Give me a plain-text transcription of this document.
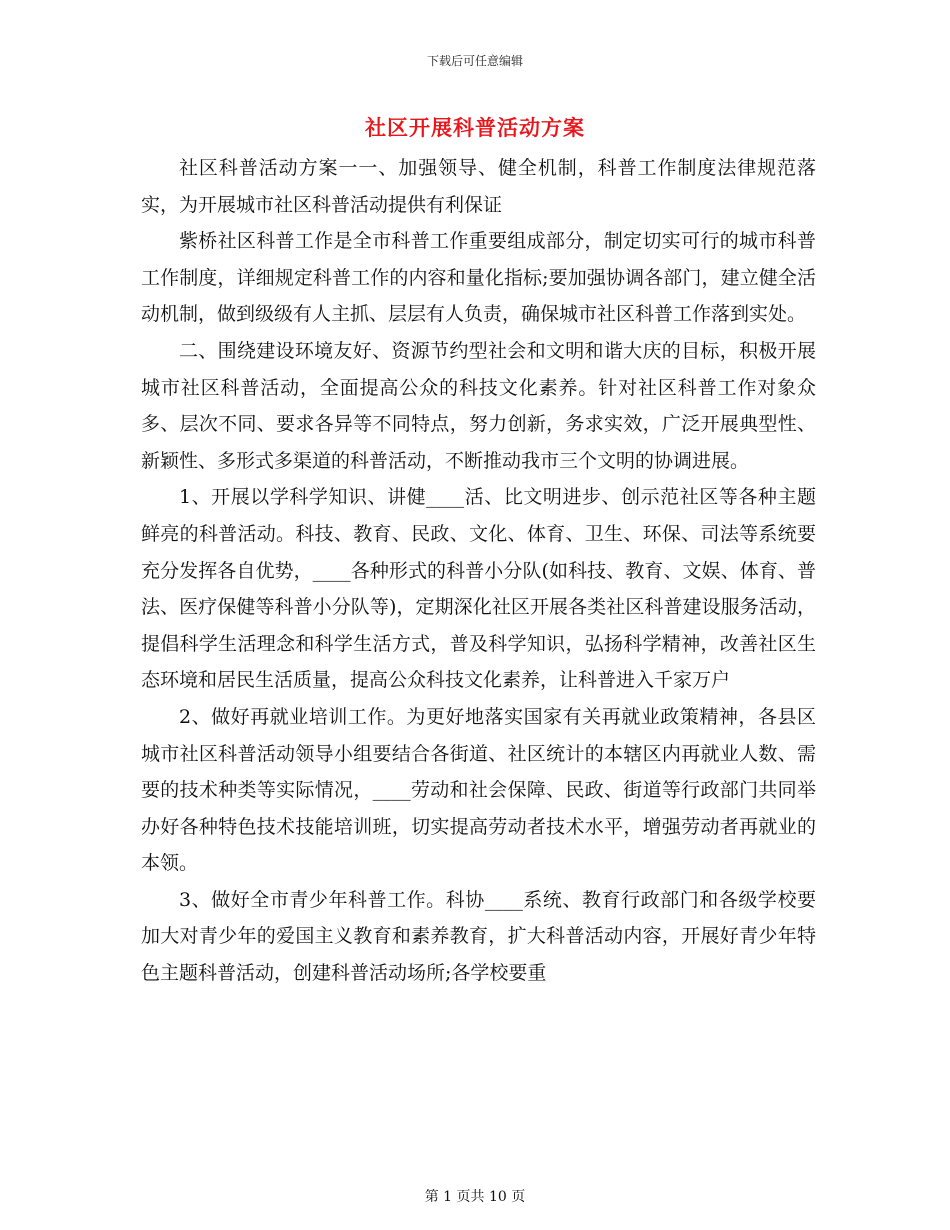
下载后可任意编辑
社区开展科普活动方案

社区科普活动方案一一、加强领导、健全机制，科普工作制度法律规范落实，为开展城市社区科普活动提供有利保证

紫桥社区科普工作是全市科普工作重要组成部分，制定切实可行的城市科普工作制度，详细规定科普工作的内容和量化指标;要加强协调各部门，建立健全活动机制，做到级级有人主抓、层层有人负责，确保城市社区科普工作落到实处。

二、围绕建设环境友好、资源节约型社会和文明和谐大庆的目标，积极开展城市社区科普活动，全面提高公众的科技文化素养。针对社区科普工作对象众多、层次不同、要求各异等不同特点，努力创新，务求实效，广泛开展典型性、新颖性、多形式多渠道的科普活动，不断推动我市三个文明的协调进展。

1、开展以学科学知识、讲健____活、比文明进步、创示范社区等各种主题鲜亮的科普活动。科技、教育、民政、文化、体育、卫生、环保、司法等系统要充分发挥各自优势，____各种形式的科普小分队(如科技、教育、文娱、体育、普法、医疗保健等科普小分队等)，定期深化社区开展各类社区科普建设服务活动，提倡科学生活理念和科学生活方式，普及科学知识，弘扬科学精神，改善社区生态环境和居民生活质量，提高公众科技文化素养，让科普进入千家万户

2、做好再就业培训工作。为更好地落实国家有关再就业政策精神，各县区城市社区科普活动领导小组要结合各街道、社区统计的本辖区内再就业人数、需要的技术种类等实际情况，____劳动和社会保障、民政、街道等行政部门共同举办好各种特色技术技能培训班，切实提高劳动者技术水平，增强劳动者再就业的本领。

3、做好全市青少年科普工作。科协____系统、教育行政部门和各级学校要加大对青少年的爱国主义教育和素养教育，扩大科普活动内容，开展好青少年特色主题科普活动，创建科普活动场所;各学校要重

第 1 页共 10 页
